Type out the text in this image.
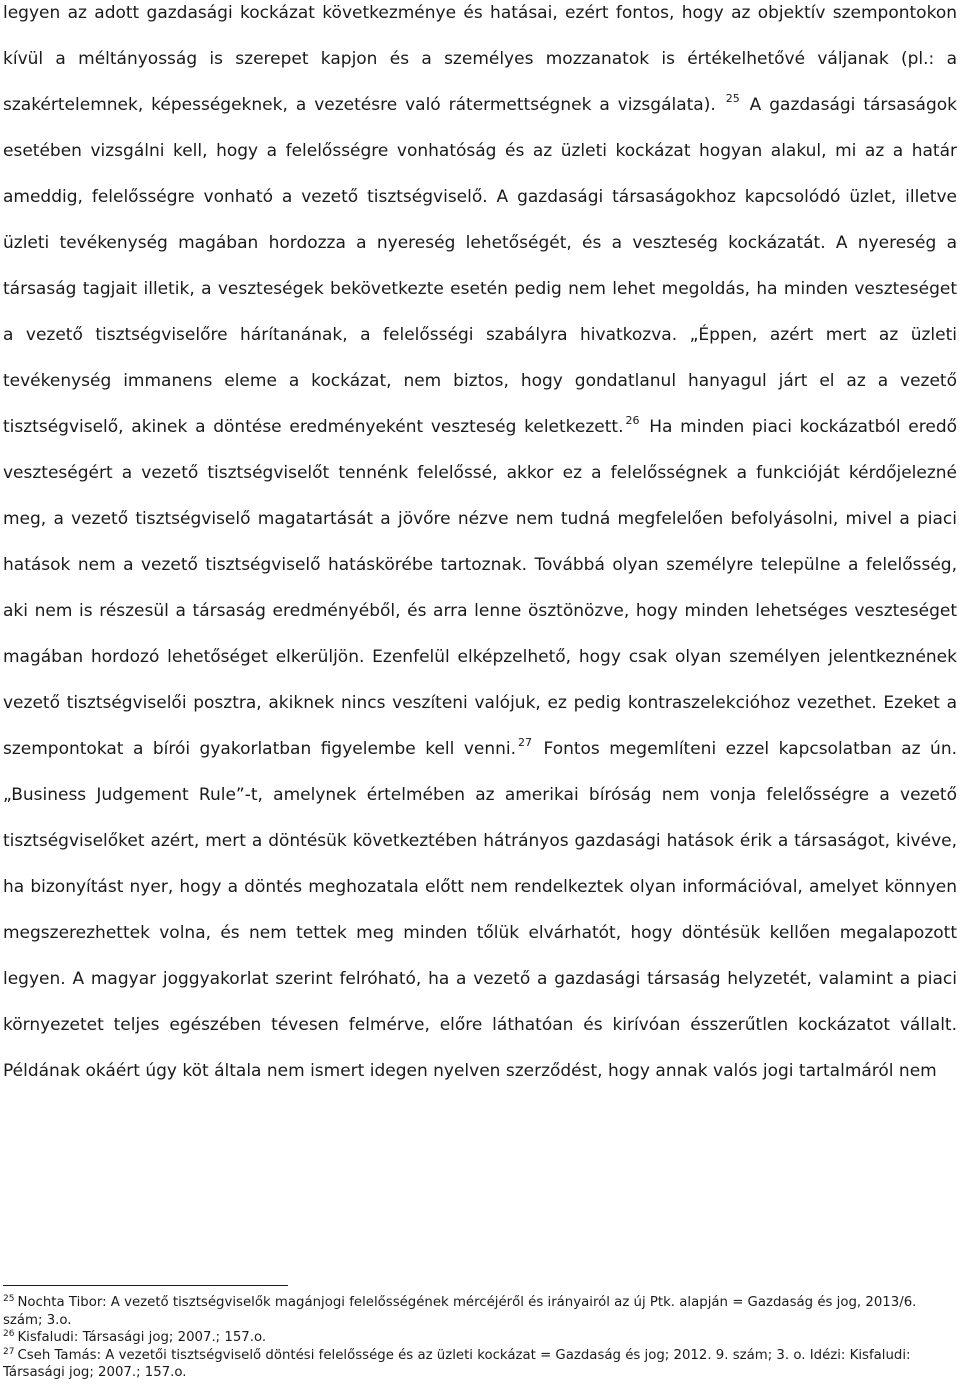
legyen az adott gazdasági kockázat következménye és hatásai, ezért fontos, hogy az objektív szempontokon kívül a méltányosság is szerepet kapjon és a személyes mozzanatok is értékelhetővé váljanak (pl.: a szakértelemnek, képességeknek, a vezetésre való rátermettségnek a vizsgálata). $^{25}$ A gazdasági társaságok esetében vizsgálni kell, hogy a felelősségre vonhatóság és az üzleti kockázat hogyan alakul, mi az a határ ameddig, felelősségre vonható a vezető tisztségviselő. A gazdasági társaságokhoz kapcsolódó üzlet, illetve üzleti tevékenység magában hordozza a nyereség lehetőségét, és a veszteség kockázatát. A nyereség a társaság tagjait illetik, a veszteségek bekövetkezte esetén pedig nem lehet megoldás, ha minden veszteséget a vezető tisztségviselőre hárítanának, a felelősségi szabályra hivatkozva. „Éppen, azért mert az üzleti tevékenység immanens eleme a kockázat, nem biztos, hogy gondatlanul hanyagul járt el az a vezető tisztségviselő, akinek a döntése eredményeként veszteség keletkezett. $^{26}$ Ha minden piaci kockázatból eredő veszteségért a vezető tisztségviselőt tennénk felelőssé, akkor ez a felelősségnek a funkcióját kérdőjelezné meg, a vezető tisztségviselő magatartását a jövőre nézve nem tudná megfelelően befolyásolni, mivel a piaci hatások nem a vezető tisztségviselő hatáskörébe tartoznak. Továbbá olyan személyre települne a felelősség, aki nem is részesül a társaság eredményéből, és arra lenne ösztönözve, hogy minden lehetséges veszteséget magában hordozó lehetőséget elkerüljön. Ezenfelül elképzelhető, hogy csak olyan személyen jelentkeznének vezető tisztségviselői posztra, akiknek nincs veszíteni valójuk, ez pedig kontraszelekcióhoz vezethet. Ezeket a szempontokat a bírói gyakorlatban figyelembe kell venni. $^{27}$ Fontos megemlíteni ezzel kapcsolatban az ún. „Business Judgement Rule”-t, amelynek értelmében az amerikai bíróság nem vonja felelősségre a vezető tisztségviselőket azért, mert a döntésük következtében hátrányos gazdasági hatások érik a társaságot, kivéve, ha bizonyítást nyer, hogy a döntés meghozatala előtt nem rendelkeztek olyan információval, amelyet könnyen megszerezhettek volna, és nem tettek meg minden tőlük elvárhatót, hogy döntésük kellően megalapozott legyen. A magyar joggyakorlat szerint felróható, ha a vezető a gazdasági társaság helyzetét, valamint a piaci környezetet teljes egészében tévesen felmérve, előre láthatóan és kirívóan ésszerűtlen kockázatot vállalt. Példának okáért úgy köt általa nem ismert idegen nyelven szerződést, hogy annak valós jogi tartalmáról nem

$^{25}$ Nochta Tibor: A vezető tisztségviselők magánjogi felelősségének mércéjéről és irányairól az új Ptk. alapján = Gazdaság és jog, 2013/6. szám; 3.o.

$^{26}$ Kisfaludi: Társasági jog; 2007.; 157.o.

$^{27}$ Cseh Tamás: A vezetői tisztségviselő döntési felelőssége és az üzleti kockázat = Gazdaság és jog; 2012. 9. szám; 3. o. Idézi: Kisfaludi: Társasági jog; 2007.; 157.o.
